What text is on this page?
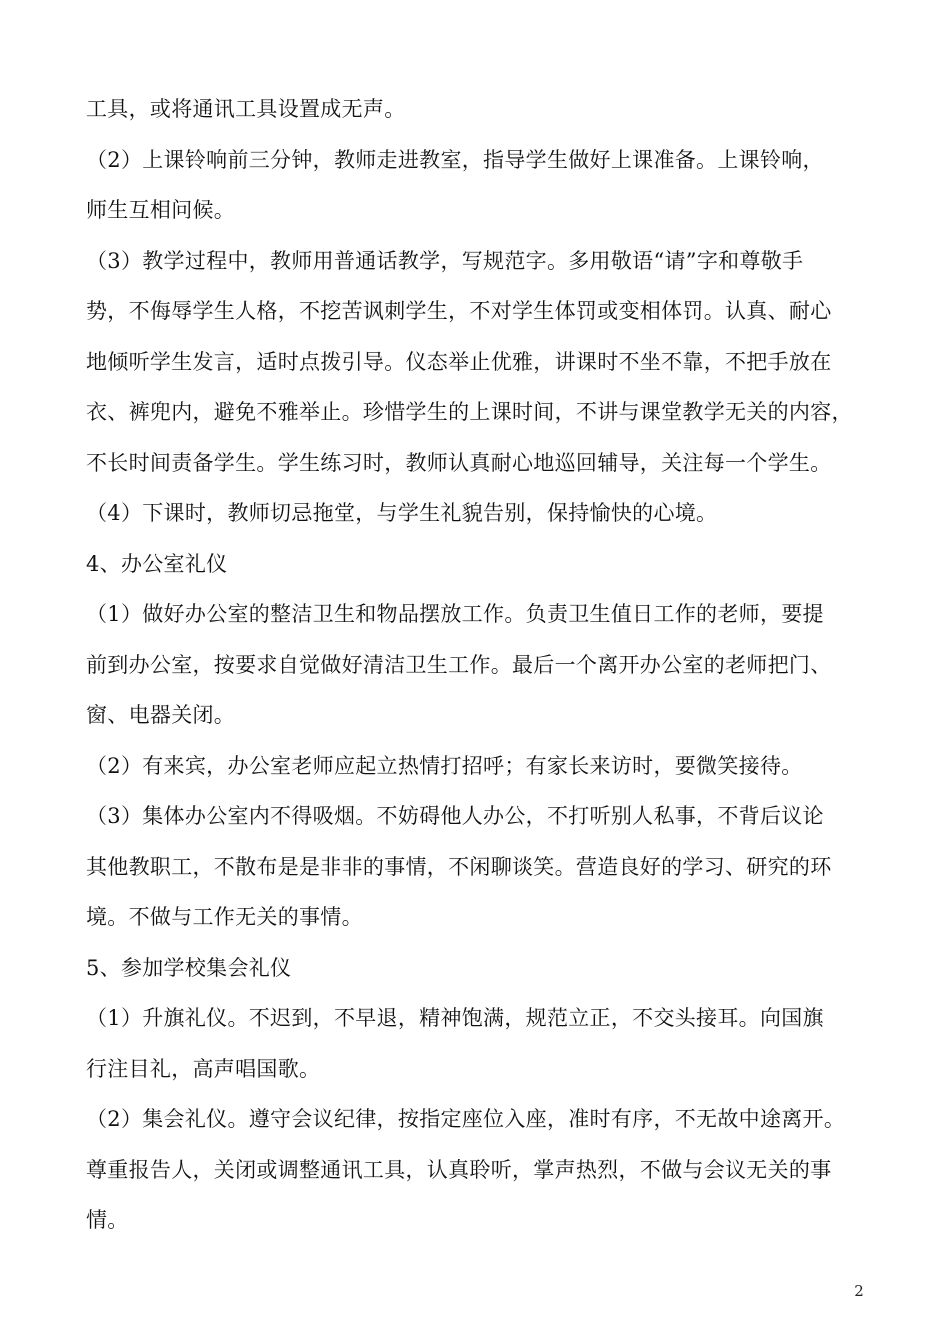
工具，或将通讯工具设置成无声。
（2）上课铃响前三分钟，教师走进教室，指导学生做好上课准备。上课铃响，
师生互相问候。
（3）教学过程中，教师用普通话教学，写规范字。多用敬语“请”字和尊敬手
势，不侮辱学生人格，不挖苦讽刺学生，不对学生体罚或变相体罚。认真、耐心
地倾听学生发言，适时点拨引导。仪态举止优雅，讲课时不坐不靠，不把手放在
衣、裤兜内，避免不雅举止。珍惜学生的上课时间，不讲与课堂教学无关的内容，
不长时间责备学生。学生练习时，教师认真耐心地巡回辅导，关注每一个学生。
（4）下课时，教师切忌拖堂，与学生礼貌告别，保持愉快的心境。
4、办公室礼仪
（1）做好办公室的整洁卫生和物品摆放工作。负责卫生值日工作的老师，要提
前到办公室，按要求自觉做好清洁卫生工作。最后一个离开办公室的老师把门、
窗、电器关闭。
（2）有来宾，办公室老师应起立热情打招呼；有家长来访时，要微笑接待。
（3）集体办公室内不得吸烟。不妨碍他人办公，不打听别人私事，不背后议论
其他教职工，不散布是是非非的事情，不闲聊谈笑。营造良好的学习、研究的环
境。不做与工作无关的事情。
5、参加学校集会礼仪
（1）升旗礼仪。不迟到，不早退，精神饱满，规范立正，不交头接耳。向国旗
行注目礼，高声唱国歌。
（2）集会礼仪。遵守会议纪律，按指定座位入座，准时有序，不无故中途离开。
尊重报告人，关闭或调整通讯工具，认真聆听，掌声热烈，不做与会议无关的事
情。
2
